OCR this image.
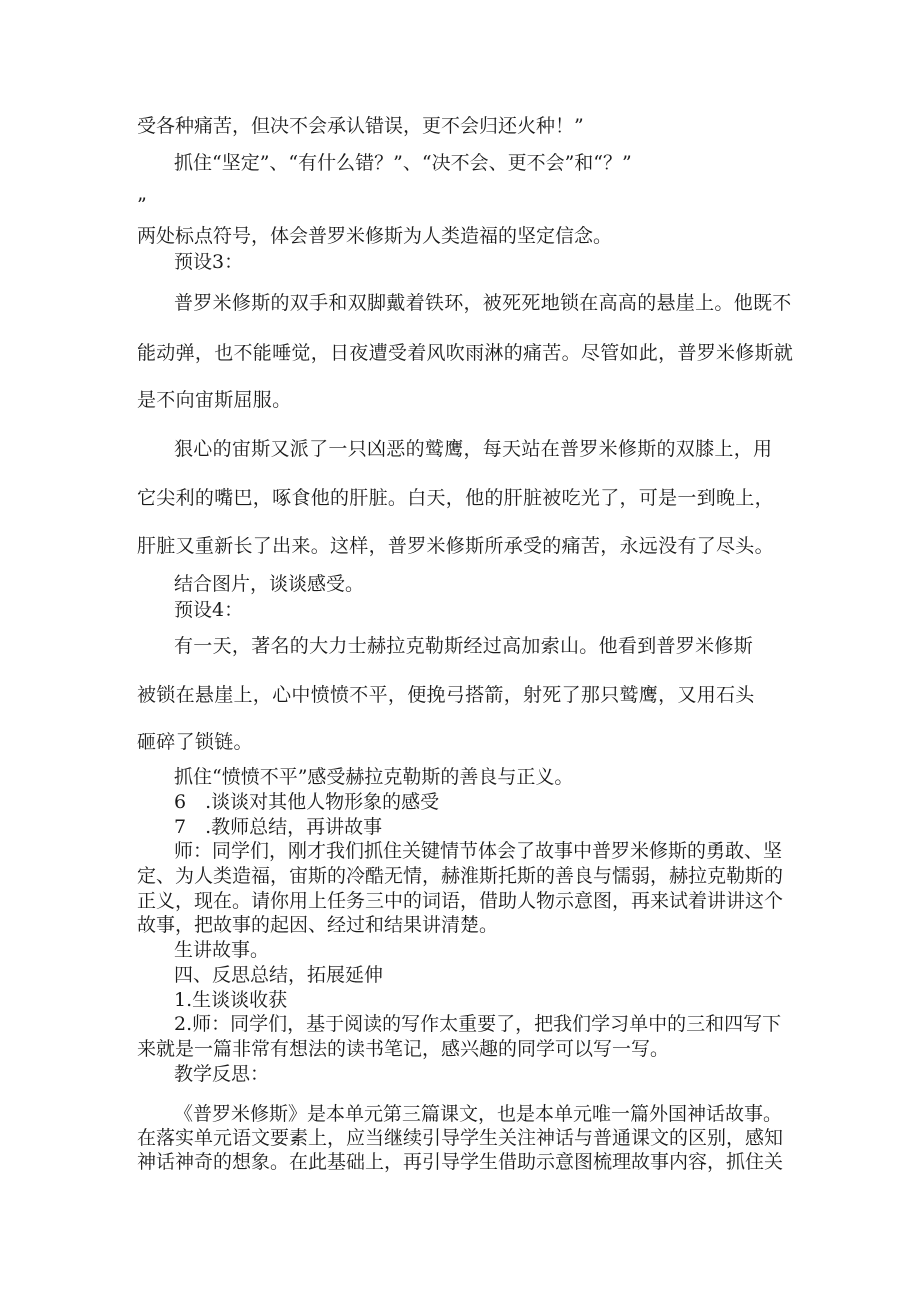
受各种痛苦，但决不会承认错误，更不会归还火种！”
抓住“坚定”、“有什么错？”、“决不会、更不会”和“？”
”
两处标点符号，体会普罗米修斯为人类造福的坚定信念。
预设3：
普罗米修斯的双手和双脚戴着铁环，被死死地锁在高高的悬崖上。他既不
能动弹，也不能唾觉，日夜遭受着风吹雨淋的痛苦。尽管如此，普罗米修斯就
是不向宙斯屈服。
狠心的宙斯又派了一只凶恶的鹫鹰，每天站在普罗米修斯的双膝上，用
它尖利的嘴巴，啄食他的肝脏。白天，他的肝脏被吃光了，可是一到晚上，
肝脏又重新长了出来。这样，普罗米修斯所承受的痛苦，永远没有了尽头。
结合图片，谈谈感受。
预设4：
有一天，著名的大力士赫拉克勒斯经过高加索山。他看到普罗米修斯
被锁在悬崖上，心中愤愤不平，便挽弓搭箭，射死了那只鹫鹰，又用石头
砸碎了锁链。
抓住“愤愤不平”感受赫拉克勒斯的善良与正义。
6　.谈谈对其他人物形象的感受
7　.教师总结，再讲故事
师：同学们，刚才我们抓住关键情节体会了故事中普罗米修斯的勇敢、坚
定、为人类造福，宙斯的冷酷无情，赫淮斯托斯的善良与懦弱，赫拉克勒斯的
正义，现在。请你用上任务三中的词语，借助人物示意图，再来试着讲讲这个
故事，把故事的起因、经过和结果讲清楚。
生讲故事。
四、反思总结，拓展延伸
1.生谈谈收获
2.师：同学们，基于阅读的写作太重要了，把我们学习单中的三和四写下
来就是一篇非常有想法的读书笔记，感兴趣的同学可以写一写。
教学反思：
《普罗米修斯》是本单元第三篇课文，也是本单元唯一篇外国神话故事。
在落实单元语文要素上，应当继续引导学生关注神话与普通课文的区别，感知
神话神奇的想象。在此基础上，再引导学生借助示意图梳理故事内容，抓住关
